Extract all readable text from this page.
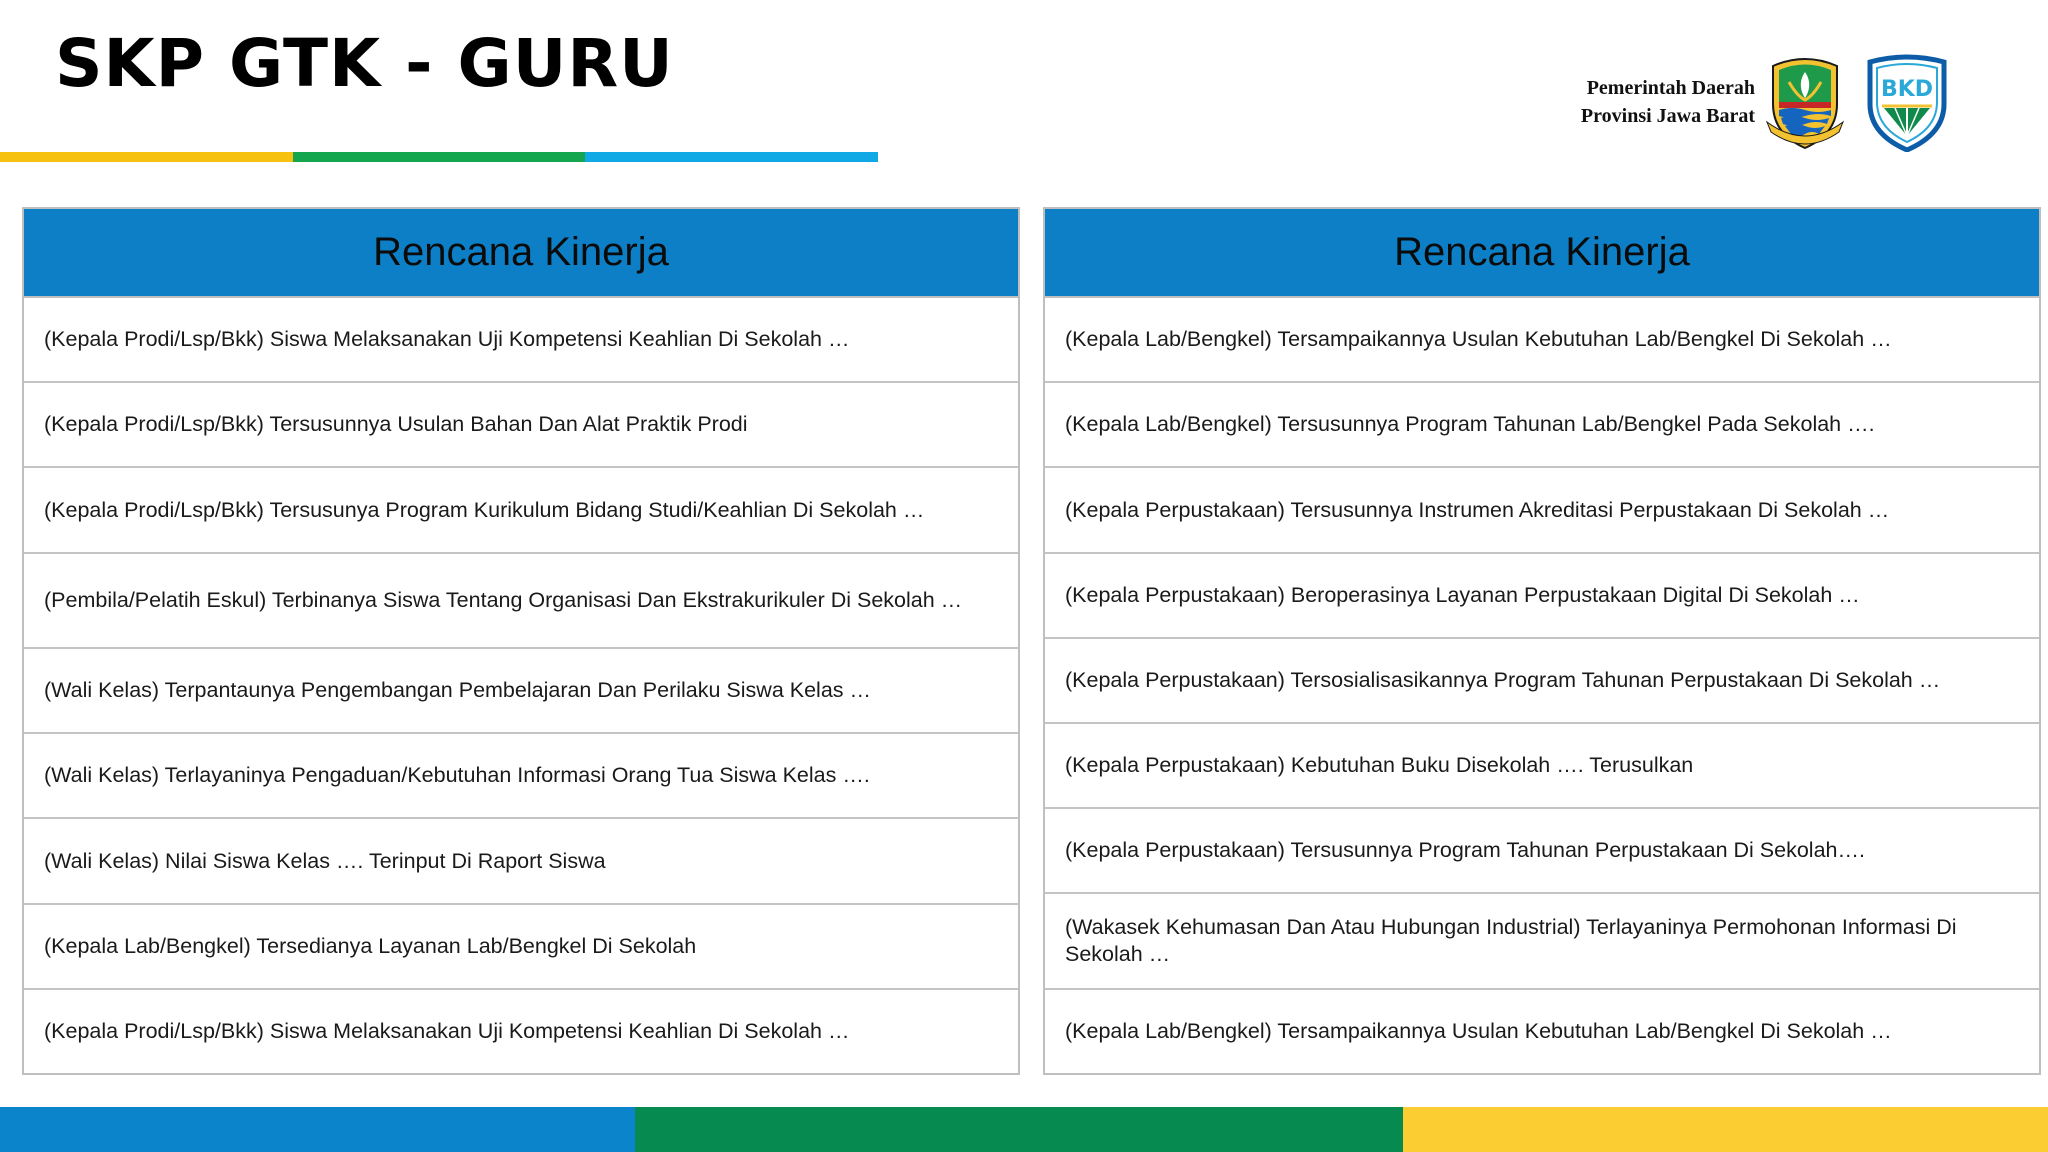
SKP GTK - GURU	Pemerintah Daerah
Provinsi Jawa Barat
BKD
Rencana Kinerja
(Kepala Prodi/Lsp/Bkk) Siswa Melaksanakan Uji Kompetensi Keahlian Di Sekolah …
(Kepala Prodi/Lsp/Bkk) Tersusunnya Usulan Bahan Dan Alat Praktik Prodi
(Kepala Prodi/Lsp/Bkk) Tersusunya Program Kurikulum Bidang Studi/Keahlian Di Sekolah …
(Pembila/Pelatih Eskul) Terbinanya Siswa Tentang Organisasi Dan Ekstrakurikuler Di Sekolah …
(Wali Kelas) Terpantaunya Pengembangan Pembelajaran Dan Perilaku Siswa Kelas …
(Wali Kelas) Terlayaninya Pengaduan/Kebutuhan Informasi Orang Tua Siswa Kelas ….
(Wali Kelas) Nilai Siswa Kelas …. Terinput Di Raport Siswa
(Kepala Lab/Bengkel) Tersedianya Layanan Lab/Bengkel Di Sekolah
(Kepala Prodi/Lsp/Bkk) Siswa Melaksanakan Uji Kompetensi Keahlian Di Sekolah …
Rencana Kinerja
(Kepala Lab/Bengkel) Tersampaikannya Usulan Kebutuhan Lab/Bengkel Di Sekolah …
(Kepala Lab/Bengkel) Tersusunnya Program Tahunan Lab/Bengkel Pada Sekolah ….
(Kepala Perpustakaan) Tersusunnya Instrumen Akreditasi Perpustakaan Di Sekolah …
(Kepala Perpustakaan) Beroperasinya Layanan Perpustakaan Digital Di Sekolah …
(Kepala Perpustakaan) Tersosialisasikannya Program Tahunan Perpustakaan Di Sekolah …
(Kepala Perpustakaan) Kebutuhan Buku Disekolah …. Terusulkan
(Kepala Perpustakaan) Tersusunnya Program Tahunan Perpustakaan Di Sekolah….
(Wakasek Kehumasan Dan Atau Hubungan Industrial) Terlayaninya Permohonan Informasi Di Sekolah …
(Kepala Lab/Bengkel) Tersampaikannya Usulan Kebutuhan Lab/Bengkel Di Sekolah …
